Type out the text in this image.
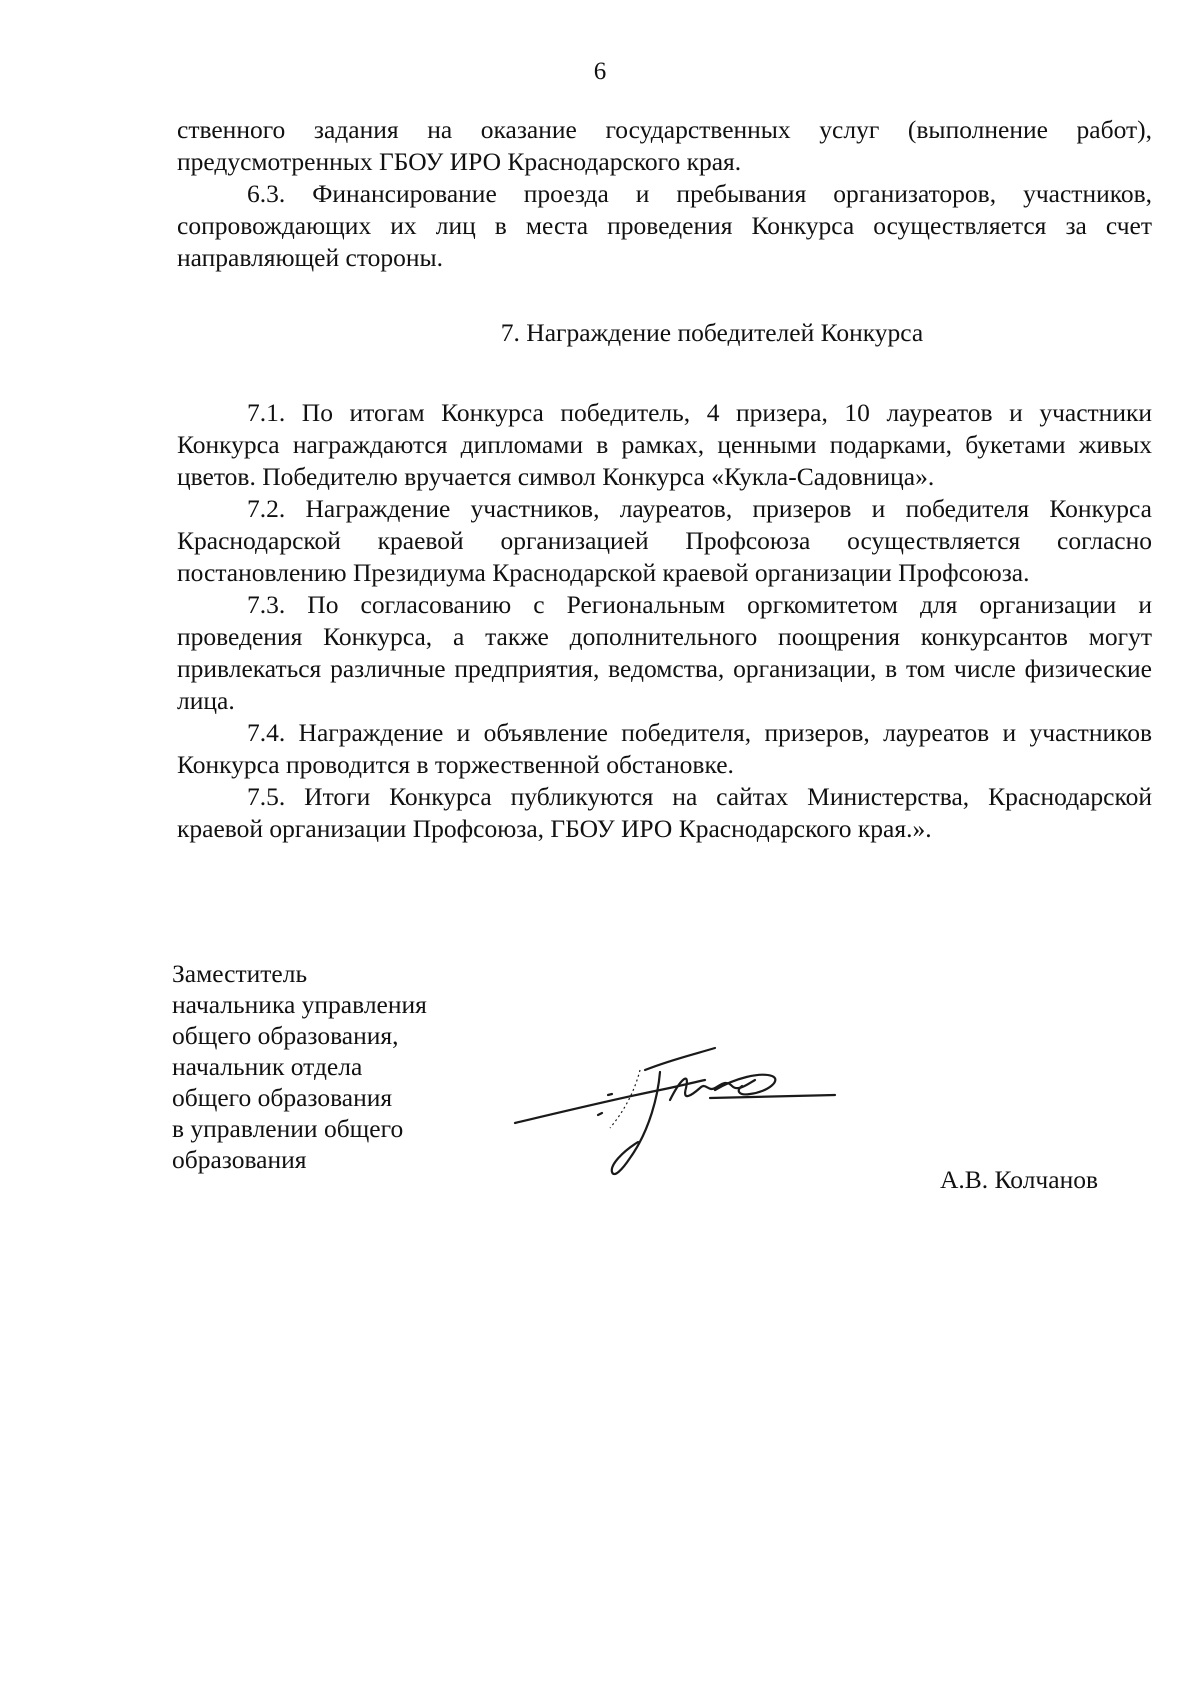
6

ственного задания на оказание государственных услуг (выполнение работ), предусмотренных ГБОУ ИРО Краснодарского края.

6.3. Финансирование проезда и пребывания организаторов, участников, сопровождающих их лиц в места проведения Конкурса осуществляется за счет направляющей стороны.

7. Награждение победителей Конкурса

7.1. По итогам Конкурса победитель, 4 призера, 10 лауреатов и участники Конкурса награждаются дипломами в рамках, ценными подарками, букетами живых цветов. Победителю вручается символ Конкурса «Кукла-Садовница».

7.2. Награждение участников, лауреатов, призеров и победителя Конкурса Краснодарской краевой организацией Профсоюза осуществляется согласно постановлению Президиума Краснодарской краевой организации Профсоюза.

7.3. По согласованию с Региональным оргкомитетом для организации и проведения Конкурса, а также дополнительного поощрения конкурсантов могут привлекаться различные предприятия, ведомства, организации, в том числе физические лица.

7.4. Награждение и объявление победителя, призеров, лауреатов и участников Конкурса проводится в торжественной обстановке.

7.5. Итоги Конкурса публикуются на сайтах Министерства, Краснодарской краевой организации Профсоюза, ГБОУ ИРО Краснодарского края.».

Заместитель
начальника управления
общего образования,
начальник отдела
общего образования
в управлении общего
образования
А.В. Колчанов
